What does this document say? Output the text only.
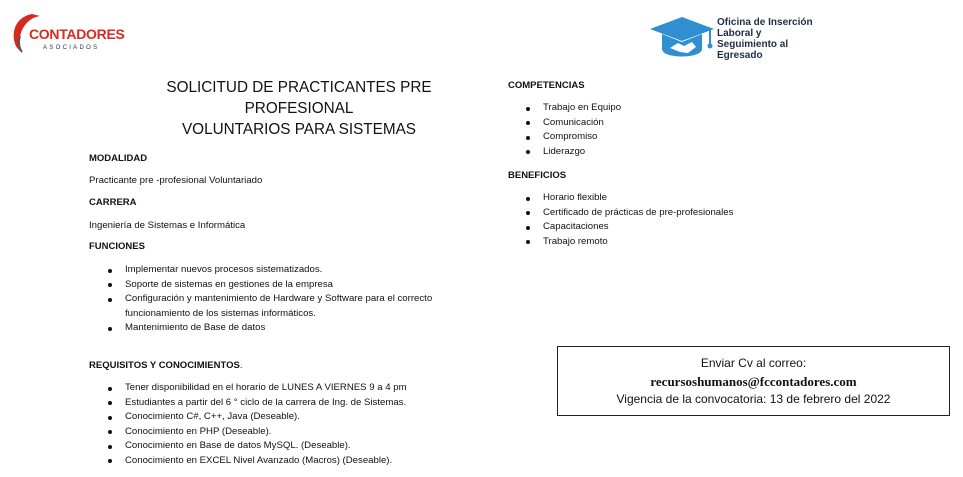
CONTADORES
ASOCIADOS
Oficina de Inserción Laboral y Seguimiento al Egresado
SOLICITUD DE PRACTICANTES PRE PROFESIONAL
VOLUNTARIOS PARA SISTEMAS
MODALIDAD
Practicante pre -profesional Voluntariado
CARRERA
Ingeniería de Sistemas e Informática
FUNCIONES
Implementar nuevos procesos sistematizados.
Soporte de sistemas en gestiones de la empresa
Configuración y mantenimiento de Hardware y Software para el correcto funcionamiento de los sistemas informáticos.
Mantenimiento de Base de datos
REQUISITOS Y CONOCIMIENTOS.
Tener disponibilidad en el horario de LUNES A VIERNES 9 a 4 pm
Estudiantes a partir del 6 ° ciclo de la carrera de Ing. de Sistemas.
Conocimiento C#, C++, Java (Deseable).
Conocimiento en PHP (Deseable).
Conocimiento en Base de datos MySQL. (Deseable).
Conocimiento en EXCEL Nivel Avanzado (Macros) (Deseable).
COMPETENCIAS
Trabajo en Equipo
Comunicación
Compromiso
Liderazgo
BENEFICIOS
Horario flexible
Certificado de prácticas de pre-profesionales
Capacitaciones
Trabajo remoto
Enviar Cv al correo:
recursoshumanos@fccontadores.com
Vigencia de la convocatoria: 13 de febrero del 2022
